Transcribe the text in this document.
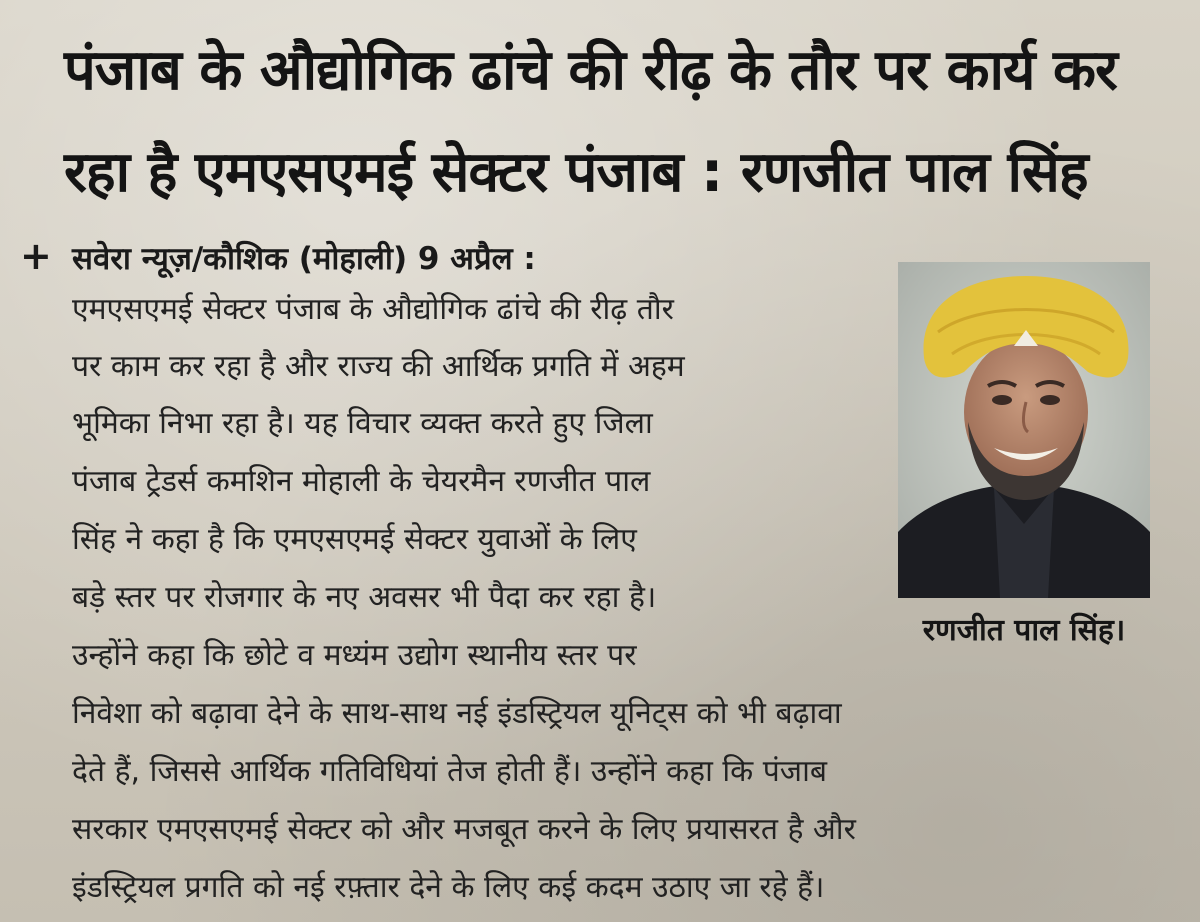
पंजाब के औद्योगिक ढांचे की रीढ़ के तौर पर कार्य कर
रहा है एमएसएमई सेक्टर पंजाब : रणजीत पाल सिंह
+ सवेरा न्यूज़/कौशिक (मोहाली) 9 अप्रैल :
एमएसएमई सेक्टर पंजाब के औद्योगिक ढांचे की रीढ़ तौर
पर काम कर रहा है और राज्य की आर्थिक प्रगति में अहम
भूमिका निभा रहा है। यह विचार व्यक्त करते हुए जिला
पंजाब ट्रेडर्स कमशिन मोहाली के चेयरमैन रणजीत पाल
सिंह ने कहा है कि एमएसएमई सेक्टर युवाओं के लिए
बड़े स्तर पर रोजगार के नए अवसर भी पैदा कर रहा है।
उन्होंने कहा कि छोटे व मध्यंम उद्योग स्थानीय स्तर पर
निवेशा को बढ़ावा देने के साथ-साथ नई इंडस्ट्रियल यूनिट्स को भी बढ़ावा
देते हैं, जिससे आर्थिक गतिविधियां तेज होती हैं। उन्होंने कहा कि पंजाब
सरकार एमएसएमई सेक्टर को और मजबूत करने के लिए प्रयासरत है और
इंडस्ट्रियल प्रगति को नई रफ़्तार देने के लिए कई कदम उठाए जा रहे हैं।
रणजीत पाल सिंह।
